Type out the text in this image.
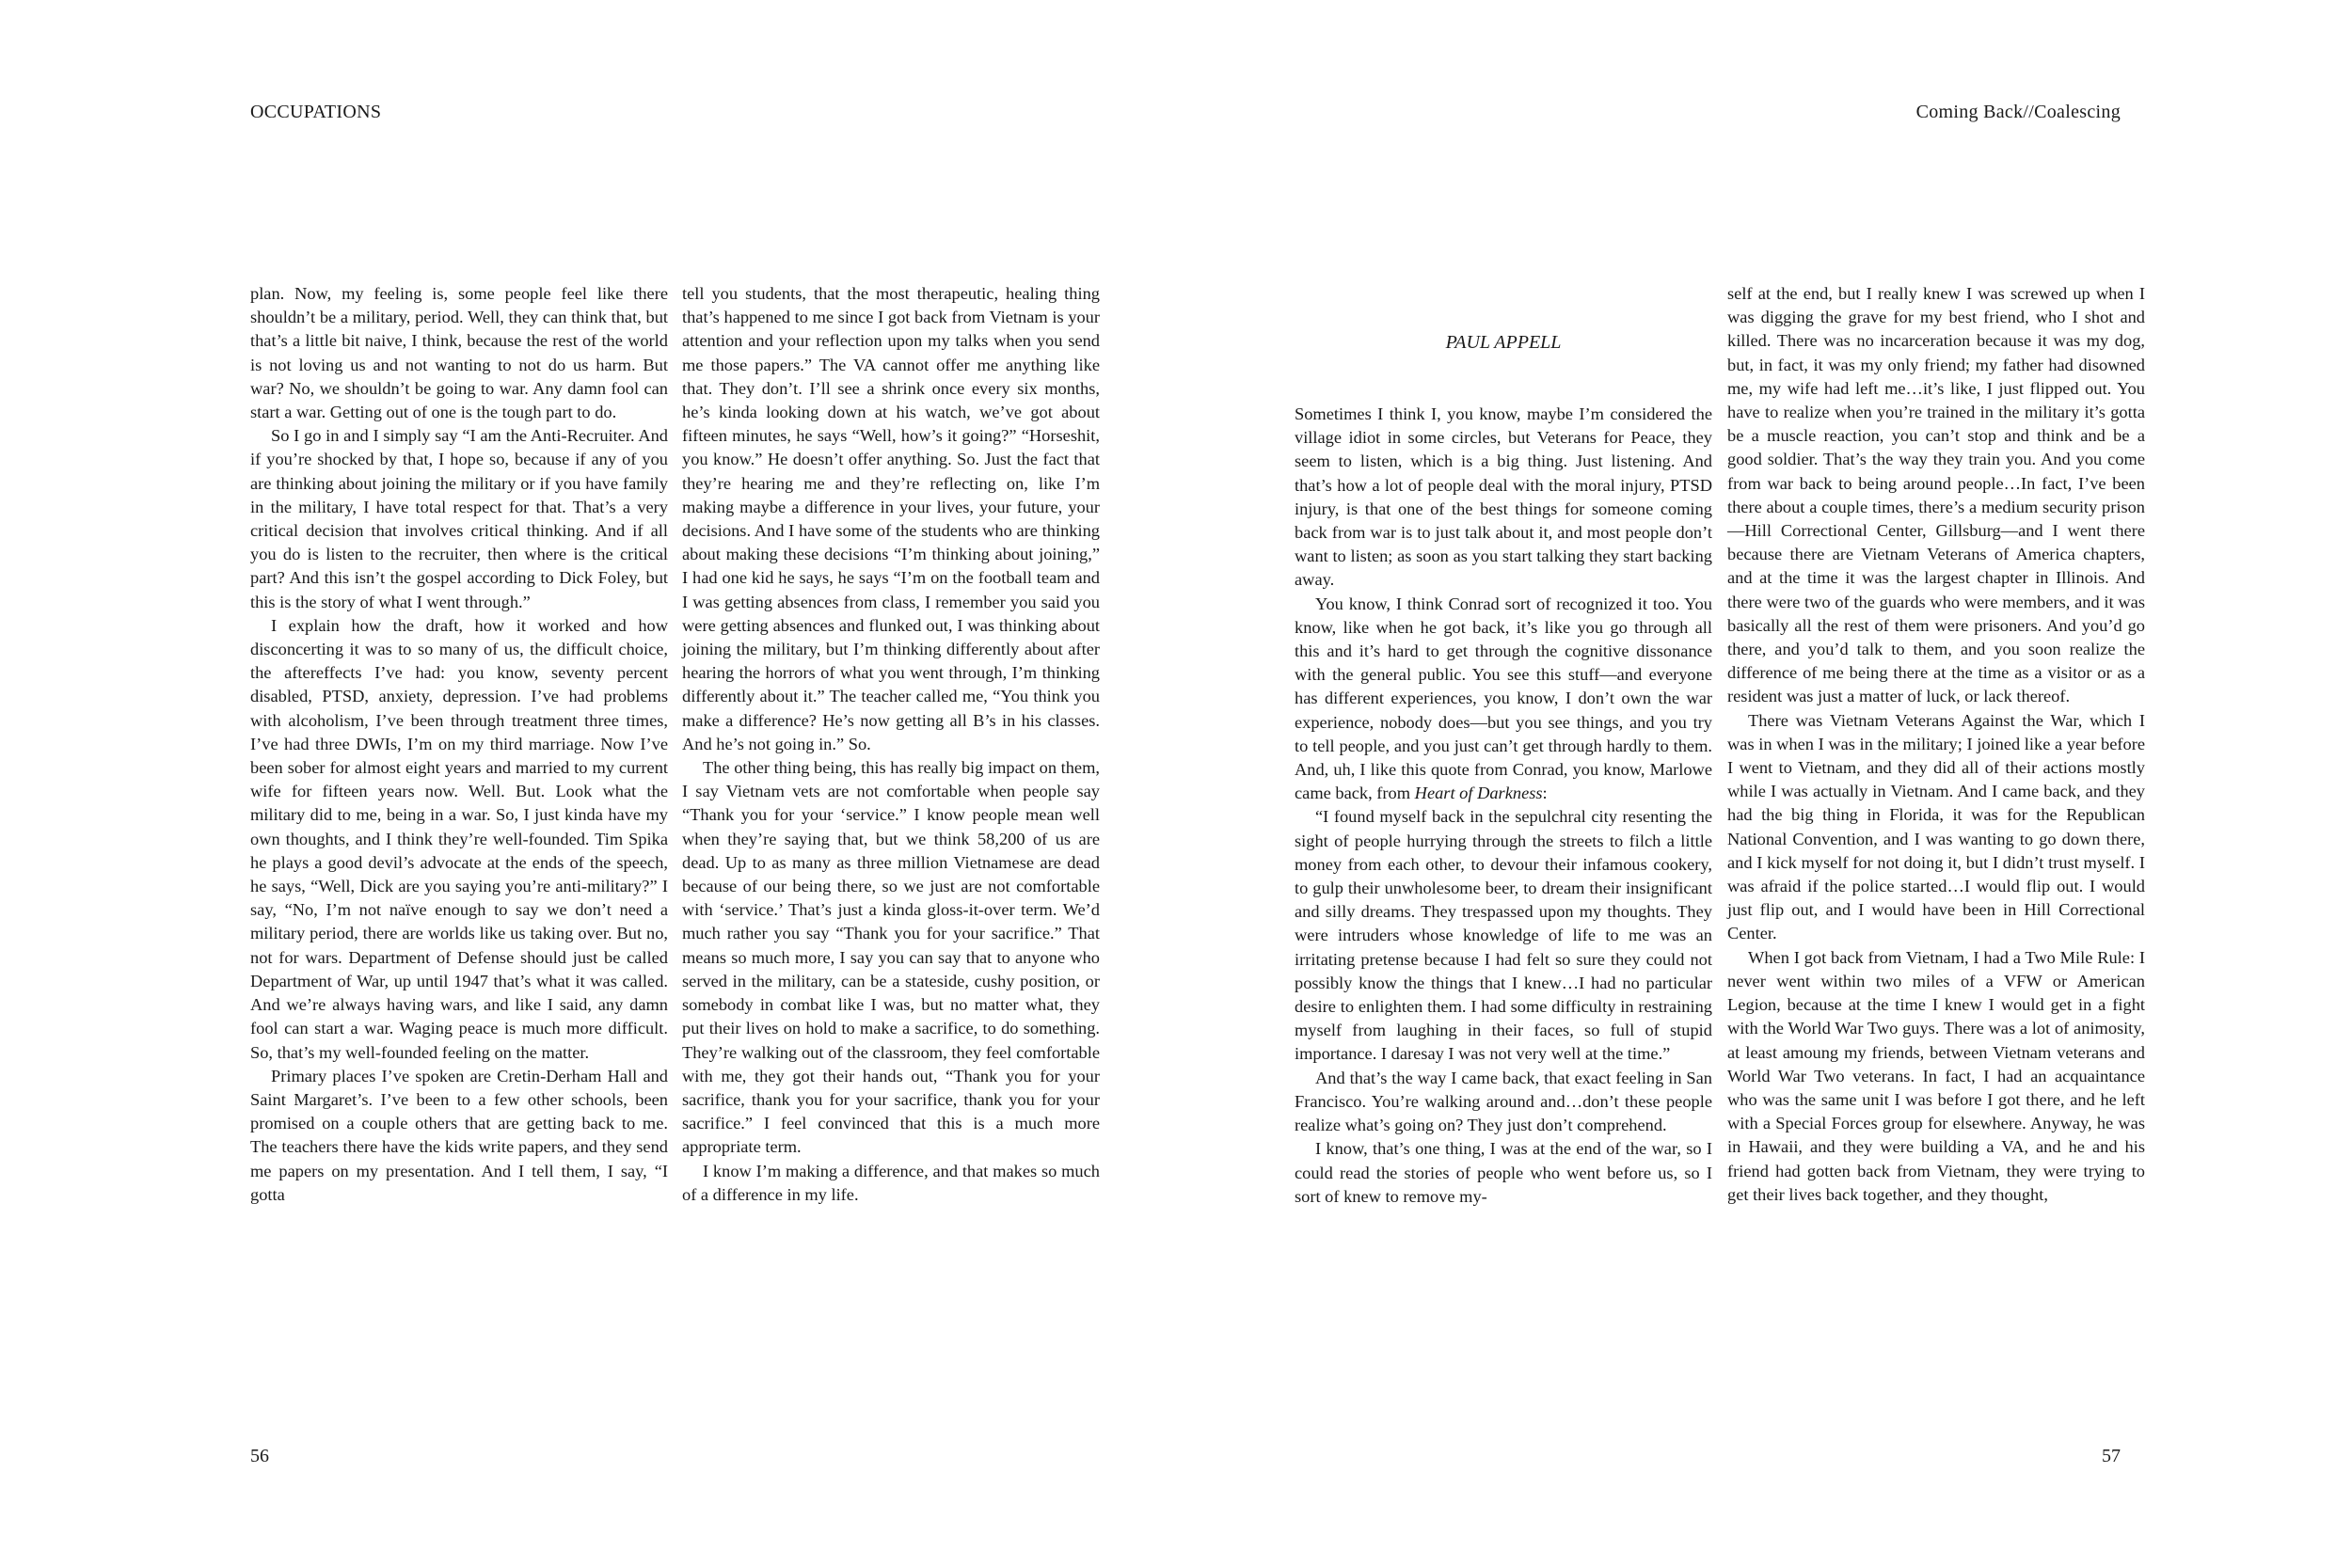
OCCUPATIONS

plan. Now, my feeling is, some people feel like there shouldn’t be a military, period. Well, they can think that, but that’s a little bit naive, I think, because the rest of the world is not loving us and not wanting to not do us harm. But war? No, we shouldn’t be going to war. Any damn fool can start a war. Getting out of one is the tough part to do.

So I go in and I simply say “I am the Anti-Recruiter. And if you’re shocked by that, I hope so, because if any of you are thinking about joining the military or if you have family in the military, I have total respect for that. That’s a very critical decision that involves critical thinking. And if all you do is listen to the recruiter, then where is the critical part? And this isn’t the gospel according to Dick Foley, but this is the story of what I went through.”

I explain how the draft, how it worked and how disconcerting it was to so many of us, the difficult choice, the aftereffects I’ve had: you know, seventy percent disabled, PTSD, anxiety, depression. I’ve had problems with alcoholism, I’ve been through treatment three times, I’ve had three DWIs, I’m on my third marriage. Now I’ve been sober for almost eight years and married to my current wife for fifteen years now. Well. But. Look what the military did to me, being in a war. So, I just kinda have my own thoughts, and I think they’re well-founded. Tim Spika he plays a good devil’s advocate at the ends of the speech, he says, “Well, Dick are you saying you’re anti-military?” I say, “No, I’m not naïve enough to say we don’t need a military period, there are worlds like us taking over. But no, not for wars. Department of Defense should just be called Department of War, up until 1947 that’s what it was called. And we’re always having wars, and like I said, any damn fool can start a war. Waging peace is much more difficult. So, that’s my well-founded feeling on the matter.

Primary places I’ve spoken are Cretin-Derham Hall and Saint Margaret’s. I’ve been to a few other schools, been promised on a couple others that are getting back to me. The teachers there have the kids write papers, and they send me papers on my presentation. And I tell them, I say, “I gotta

tell you students, that the most therapeutic, healing thing that’s happened to me since I got back from Vietnam is your attention and your reflection upon my talks when you send me those papers.” The VA cannot offer me anything like that. They don’t. I’ll see a shrink once every six months, he’s kinda looking down at his watch, we’ve got about fifteen minutes, he says “Well, how’s it going?” “Horseshit, you know.” He doesn’t offer anything. So. Just the fact that they’re hearing me and they’re reflecting on, like I’m making maybe a difference in your lives, your future, your decisions. And I have some of the students who are thinking about making these decisions “I’m thinking about joining,” I had one kid he says, he says “I’m on the football team and I was getting absences from class, I remember you said you were getting absences and flunked out, I was thinking about joining the military, but I’m thinking differently about after hearing the horrors of what you went through, I’m thinking differently about it.” The teacher called me, “You think you make a difference? He’s now getting all B’s in his classes. And he’s not going in.” So.

The other thing being, this has really big impact on them, I say Vietnam vets are not comfortable when people say “Thank you for your ‘service.” I know people mean well when they’re saying that, but we think 58,200 of us are dead. Up to as many as three million Vietnamese are dead because of our being there, so we just are not comfortable with ‘service.’ That’s just a kinda gloss-it-over term. We’d much rather you say “Thank you for your sacrifice.” That means so much more, I say you can say that to anyone who served in the military, can be a stateside, cushy position, or somebody in combat like I was, but no matter what, they put their lives on hold to make a sacrifice, to do something. They’re walking out of the classroom, they feel comfortable with me, they got their hands out, “Thank you for your sacrifice, thank you for your sacrifice, thank you for your sacrifice.” I feel convinced that this is a much more appropriate term.

I know I’m making a difference, and that makes so much of a difference in my life.

56

Coming Back//Coalescing

PAUL APPELL

Sometimes I think I, you know, maybe I’m considered the village idiot in some circles, but Veterans for Peace, they seem to listen, which is a big thing. Just listening. And that’s how a lot of people deal with the moral injury, PTSD injury, is that one of the best things for someone coming back from war is to just talk about it, and most people don’t want to listen; as soon as you start talking they start backing away.

You know, I think Conrad sort of recognized it too. You know, like when he got back, it’s like you go through all this and it’s hard to get through the cognitive dissonance with the general public. You see this stuff—and everyone has different experiences, you know, I don’t own the war experience, nobody does—but you see things, and you try to tell people, and you just can’t get through hardly to them. And, uh, I like this quote from Conrad, you know, Marlowe came back, from Heart of Darkness:

“I found myself back in the sepulchral city resenting the sight of people hurrying through the streets to filch a little money from each other, to devour their infamous cookery, to gulp their unwholesome beer, to dream their insignificant and silly dreams. They trespassed upon my thoughts. They were intruders whose knowledge of life to me was an irritating pretense because I had felt so sure they could not possibly know the things that I knew…I had no particular desire to enlighten them. I had some difficulty in restraining myself from laughing in their faces, so full of stupid importance. I daresay I was not very well at the time.”

And that’s the way I came back, that exact feeling in San Francisco. You’re walking around and…don’t these people realize what’s going on? They just don’t comprehend.

I know, that’s one thing, I was at the end of the war, so I could read the stories of people who went before us, so I sort of knew to remove my-

self at the end, but I really knew I was screwed up when I was digging the grave for my best friend, who I shot and killed. There was no incarceration because it was my dog, but, in fact, it was my only friend; my father had disowned me, my wife had left me…it’s like, I just flipped out. You have to realize when you’re trained in the military it’s gotta be a muscle reaction, you can’t stop and think and be a good soldier. That’s the way they train you. And you come from war back to being around people…In fact, I’ve been there about a couple times, there’s a medium security prison—Hill Correctional Center, Gillsburg—and I went there because there are Vietnam Veterans of America chapters, and at the time it was the largest chapter in Illinois. And there were two of the guards who were members, and it was basically all the rest of them were prisoners. And you’d go there, and you’d talk to them, and you soon realize the difference of me being there at the time as a visitor or as a resident was just a matter of luck, or lack thereof.

There was Vietnam Veterans Against the War, which I was in when I was in the military; I joined like a year before I went to Vietnam, and they did all of their actions mostly while I was actually in Vietnam. And I came back, and they had the big thing in Florida, it was for the Republican National Convention, and I was wanting to go down there, and I kick myself for not doing it, but I didn’t trust myself. I was afraid if the police started…I would flip out. I would just flip out, and I would have been in Hill Correctional Center.

When I got back from Vietnam, I had a Two Mile Rule: I never went within two miles of a VFW or American Legion, because at the time I knew I would get in a fight with the World War Two guys. There was a lot of animosity, at least amoung my friends, between Vietnam veterans and World War Two veterans. In fact, I had an acquaintance who was the same unit I was before I got there, and he left with a Special Forces group for elsewhere. Anyway, he was in Hawaii, and they were building a VA, and he and his friend had gotten back from Vietnam, they were trying to get their lives back together, and they thought,

57
